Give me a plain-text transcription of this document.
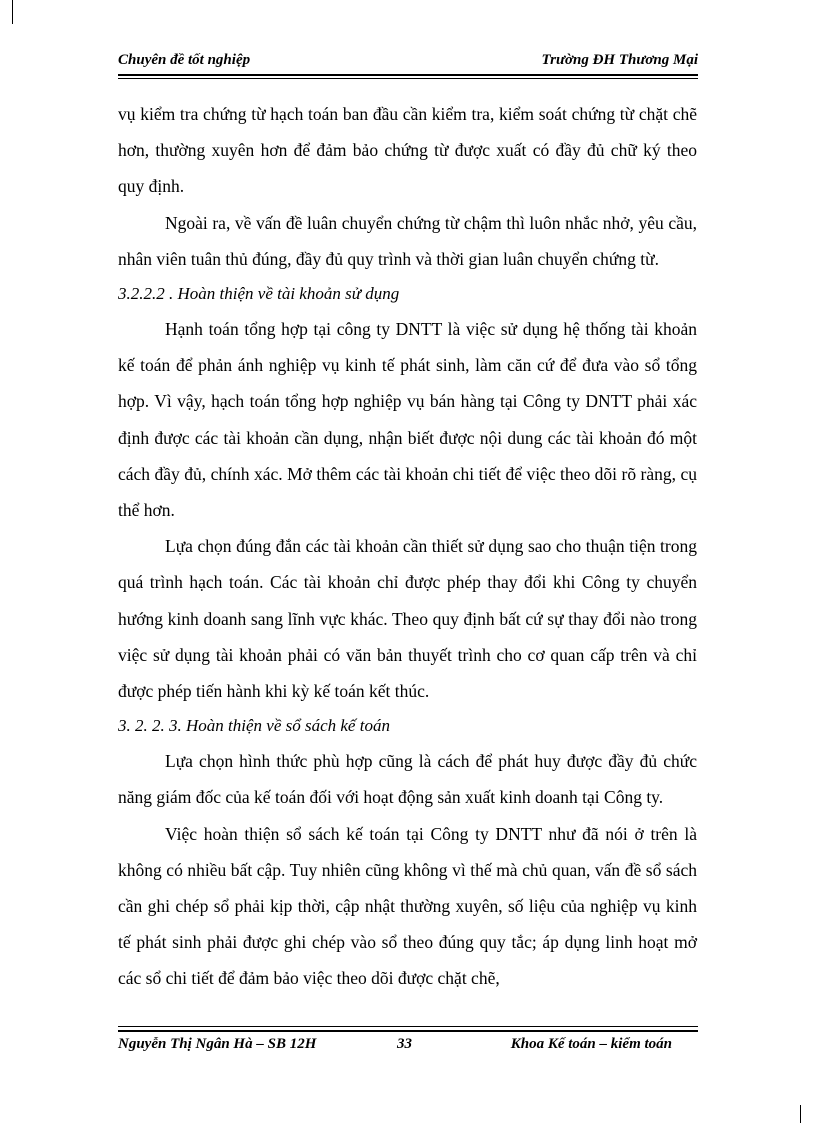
Chuyên đề tốt nghiệp	Trường ĐH Thương Mại

vụ kiểm tra chứng từ hạch toán ban đầu cần kiểm tra, kiểm soát chứng từ chặt chẽ hơn, thường xuyên hơn để đảm bảo chứng từ được xuất có đầy đủ chữ ký theo quy định.

Ngoài ra, về vấn đề luân chuyển chứng từ chậm thì luôn nhắc nhở, yêu cầu, nhân viên tuân thủ đúng, đầy đủ quy trình và thời gian luân chuyển chứng từ.

3.2.2.2 . Hoàn thiện về tài khoản sử dụng

Hạnh toán tổng hợp tại công ty DNTT là việc sử dụng hệ thống tài khoản kế toán để phản ánh nghiệp vụ kinh tế phát sinh, làm căn cứ để đưa vào sổ tổng hợp. Vì vậy, hạch toán tổng hợp nghiệp vụ bán hàng tại Công ty DNTT phải xác định được các tài khoản cần dụng, nhận biết được nội dung các tài khoản đó một cách đầy đủ, chính xác. Mở thêm các tài khoản chi tiết để việc theo dõi rõ ràng, cụ thể hơn.

Lựa chọn đúng đắn các tài khoản cần thiết sử dụng sao cho thuận tiện trong quá trình hạch toán. Các tài khoản chỉ được phép thay đổi khi Công ty chuyển hướng kinh doanh sang lĩnh vực khác. Theo quy định bất cứ sự thay đổi nào trong việc sử dụng tài khoản phải có văn bản thuyết trình cho cơ quan cấp trên và chỉ được phép tiến hành khi kỳ kế toán kết thúc.

3. 2. 2. 3. Hoàn thiện về sổ sách kế toán

Lựa chọn hình thức phù hợp cũng là cách để phát huy được đầy đủ chức năng giám đốc của kế toán đối với hoạt động sản xuất kinh doanh tại Công ty.

Việc hoàn thiện sổ sách kế toán tại Công ty DNTT như đã nói ở trên là không có nhiều bất cập. Tuy nhiên cũng không vì thế mà chủ quan, vấn đề sổ sách cần ghi chép sổ phải kịp thời, cập nhật thường xuyên, số liệu của nghiệp vụ kinh tế phát sinh phải được ghi chép vào sổ theo đúng quy tắc; áp dụng linh hoạt mở các sổ chi tiết để đảm bảo việc theo dõi được chặt chẽ,

Nguyễn Thị Ngân Hà – SB 12H	33	Khoa Kế toán – kiểm toán
